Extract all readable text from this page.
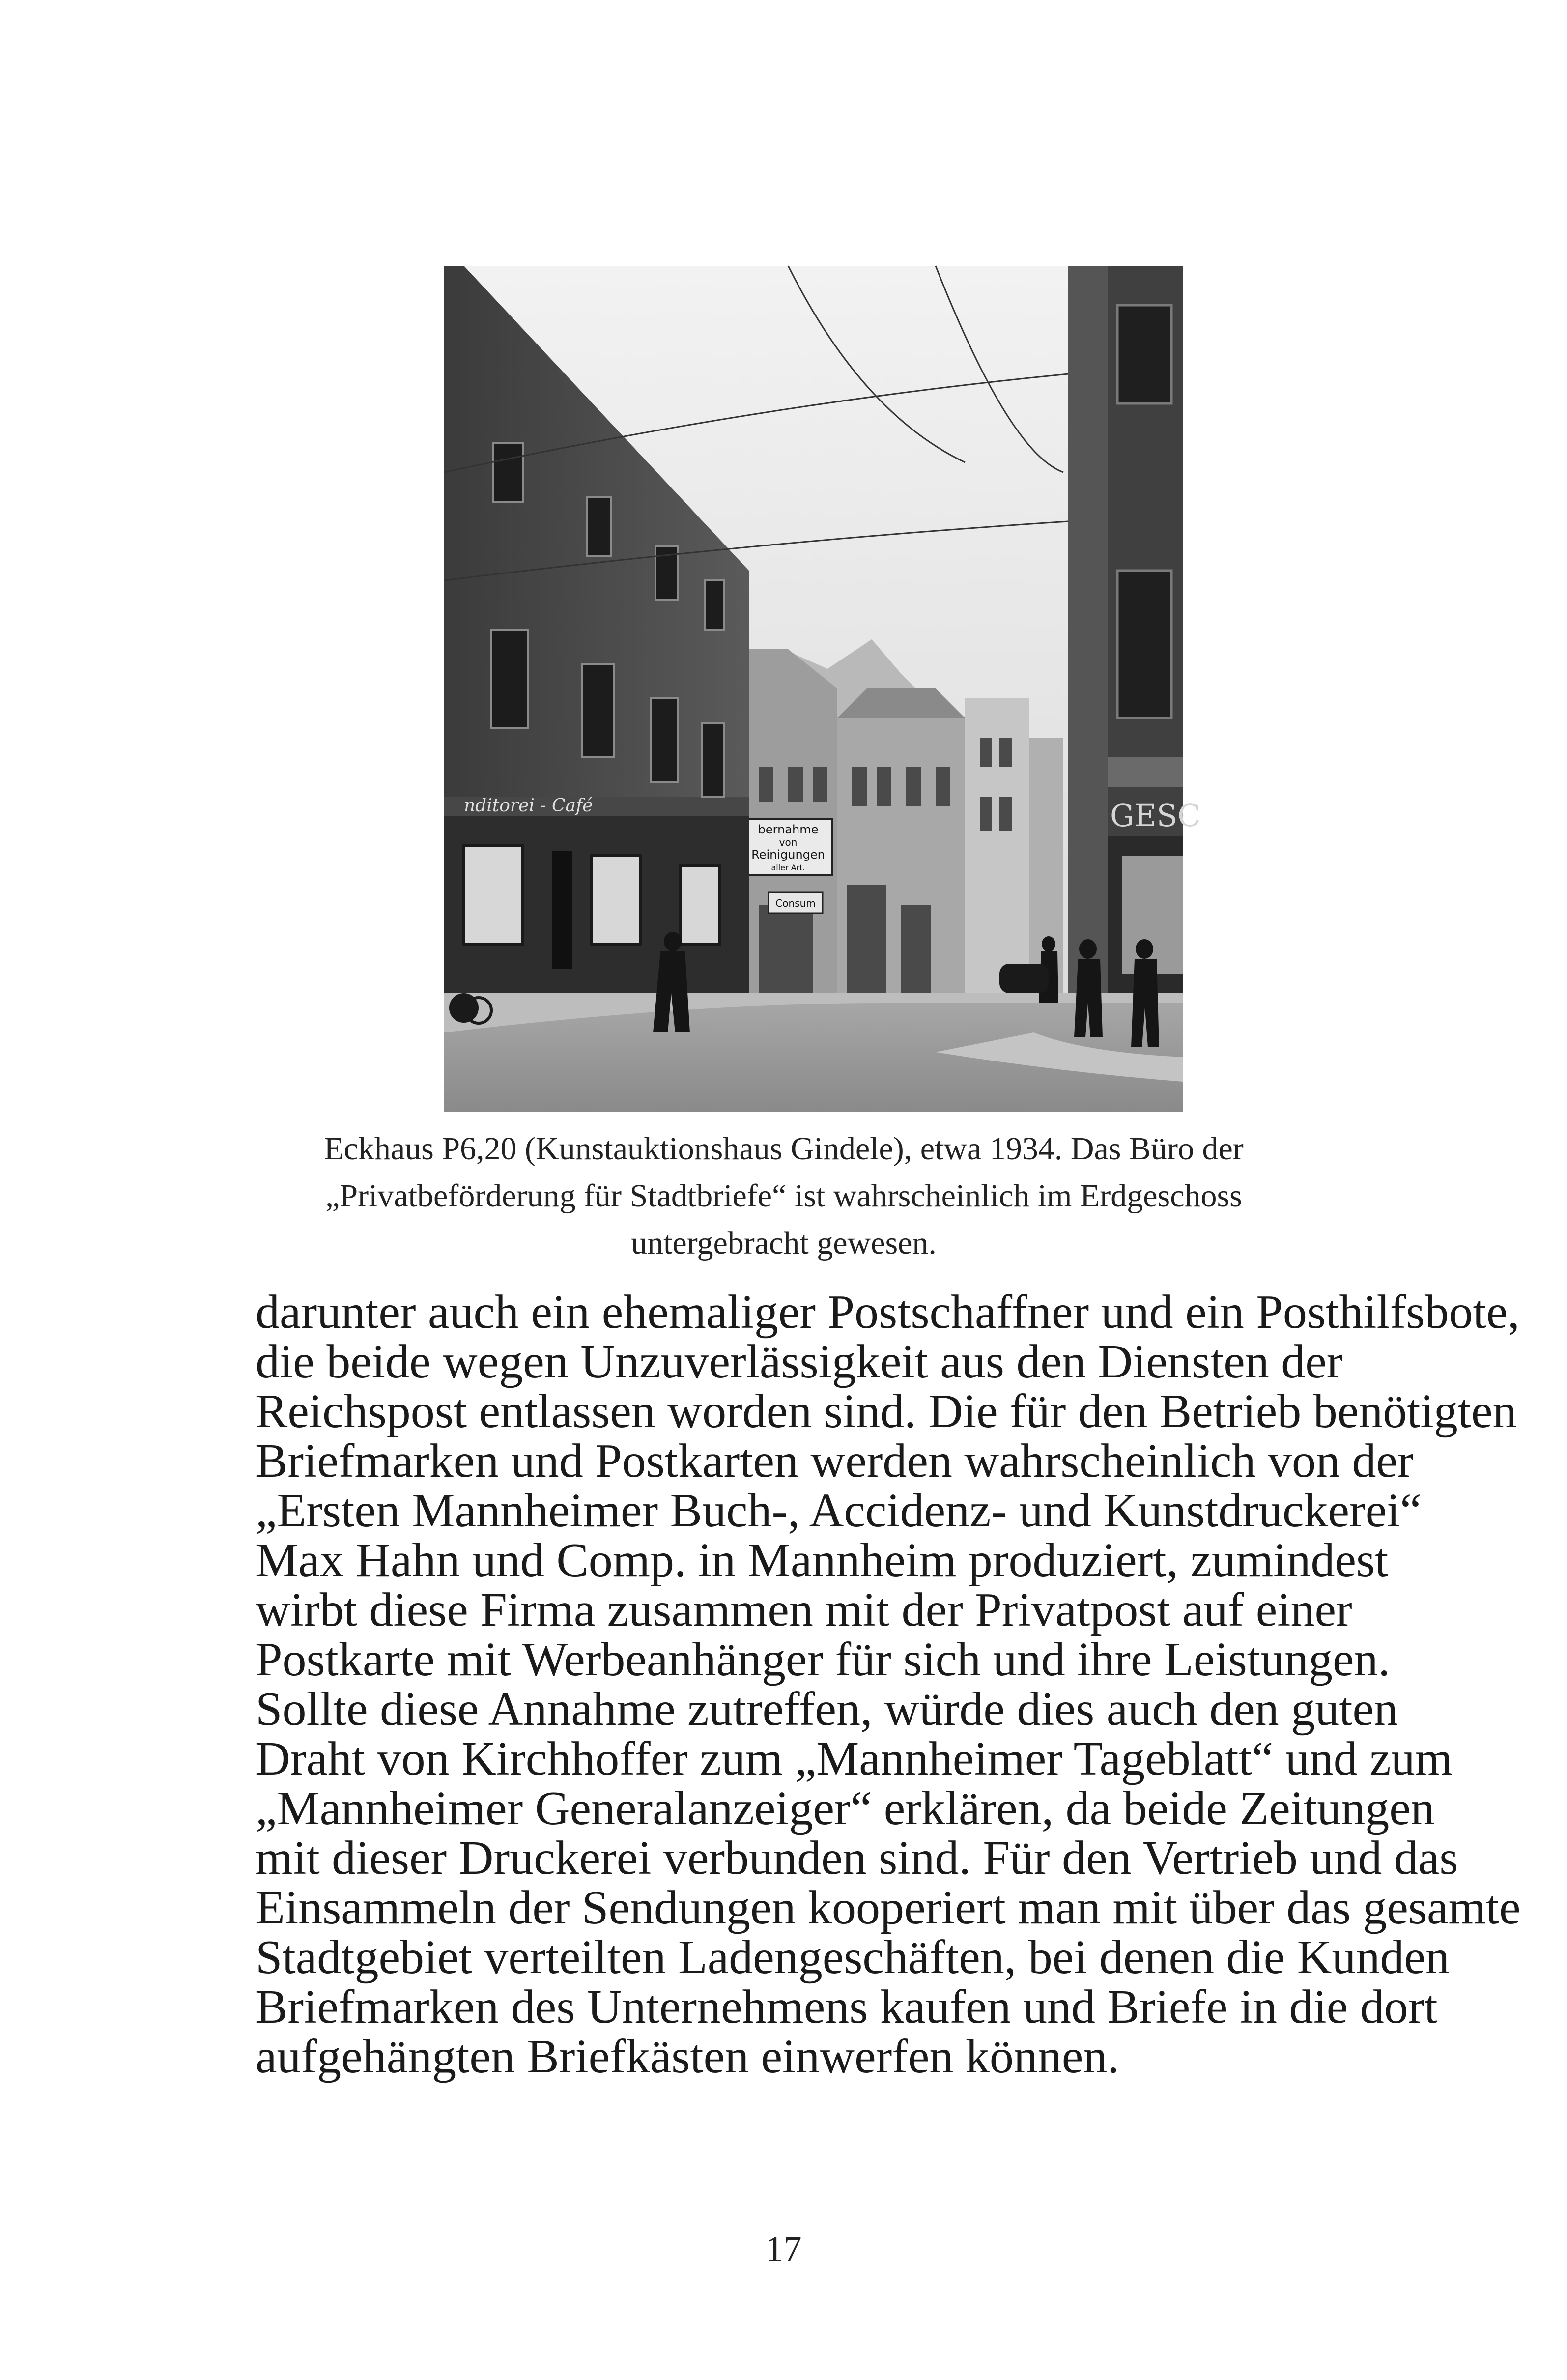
bernahme
von
Reinigungen
aller Art.
Consum
nditorei - Café	GESC
Eckhaus P6,20 (Kunstauktionshaus Gindele), etwa 1934. Das Büro der
„Privatbeförderung für Stadtbriefe“ ist wahrscheinlich im Erdgeschoss
untergebracht gewesen.
darunter auch ein ehemaliger Postschaffner und ein Posthilfsbote,
die beide wegen Unzuverlässigkeit aus den Diensten der
Reichspost entlassen worden sind. Die für den Betrieb benötigten
Briefmarken und Postkarten werden wahrscheinlich von der
„Ersten Mannheimer Buch-, Accidenz- und Kunstdruckerei“
Max Hahn und Comp. in Mannheim produziert, zumindest
wirbt diese Firma zusammen mit der Privatpost auf einer
Postkarte mit Werbeanhänger für sich und ihre Leistungen.
Sollte diese Annahme zutreffen, würde dies auch den guten
Draht von Kirchhoffer zum „Mannheimer Tageblatt“ und zum
„Mannheimer Generalanzeiger“ erklären, da beide Zeitungen
mit dieser Druckerei verbunden sind. Für den Vertrieb und das
Einsammeln der Sendungen kooperiert man mit über das gesamte
Stadtgebiet verteilten Ladengeschäften, bei denen die Kunden
Briefmarken des Unternehmens kaufen und Briefe in die dort
aufgehängten Briefkästen einwerfen können.
17
